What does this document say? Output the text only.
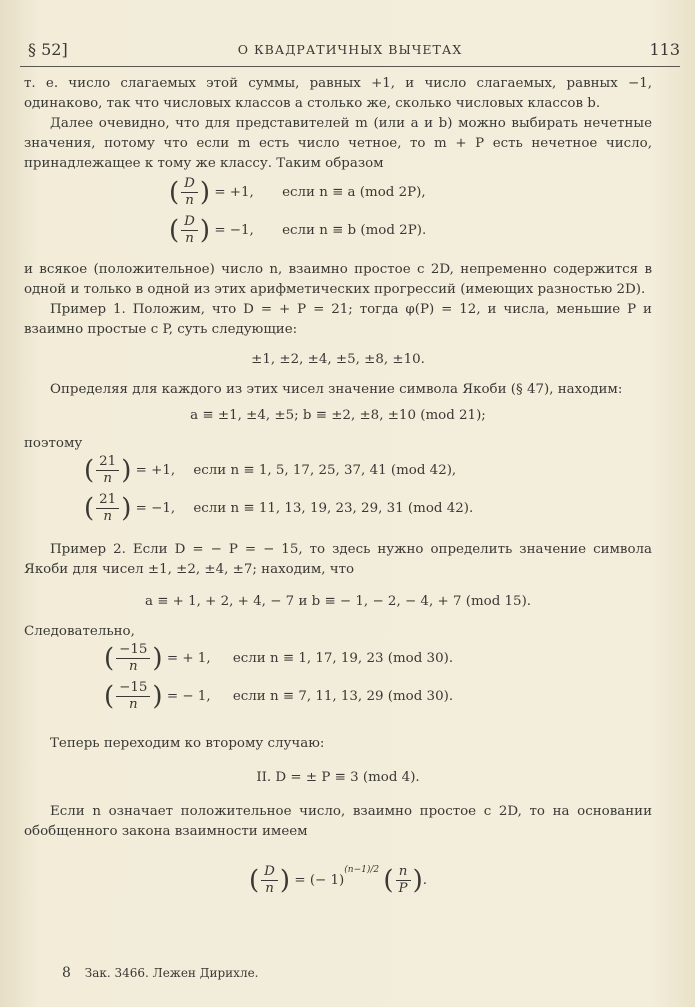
§ 52]	О КВАДРАТИЧНЫХ ВЫЧЕТАХ	113

т. е. число слагаемых этой суммы, равных +1, и число слагаемых, равных −1, одинаково, так что числовых классов a столько же, сколько числовых классов b.

Далее очевидно, что для представителей m (или a и b) можно выбирать нечетные значения, потому что если m есть число четное, то m + P есть нечетное число, принадлежащее к тому же классу. Таким образом

( $\frac{D}{n}$ ) = +1, если n ≡ a (mod 2P),
( $\frac{D}{n}$ ) = −1, если n ≡ b (mod 2P).

и всякое (положительное) число n, взаимно простое с 2D, непременно содержится в одной и только в одной из этих арифметических прогрессий (имеющих разностью 2D).

Пример 1. Положим, что D = + P = 21; тогда φ(P) = 12, и числа, меньшие P и взаимно простые с P, суть следующие:

±1, ±2, ±4, ±5, ±8, ±10.

Определяя для каждого из этих чисел значение символа Якоби (§ 47), находим:

a ≡ ±1, ±4, ±5; b ≡ ±2, ±8, ±10 (mod 21);

поэтому

( $\frac{21}{n}$ ) = +1, если n ≡ 1, 5, 17, 25, 37, 41 (mod 42),
( $\frac{21}{n}$ ) = −1, если n ≡ 11, 13, 19, 23, 29, 31 (mod 42).

Пример 2. Если D = − P = − 15, то здесь нужно определить значение символа Якоби для чисел ±1, ±2, ±4, ±7; находим, что

a ≡ + 1, + 2, + 4, − 7 и b ≡ − 1, − 2, − 4, + 7 (mod 15).

Следовательно,

( $\frac{-15}{n}$ ) = + 1, если n ≡ 1, 17, 19, 23 (mod 30).
( $\frac{-15}{n}$ ) = − 1, если n ≡ 7, 11, 13, 29 (mod 30).

Теперь переходим ко второму случаю:

II. D = ± P ≡ 3 (mod 4).

Если n означает положительное число, взаимно простое с 2D, то на основании обобщенного закона взаимности имеем

( $\frac{D}{n}$ ) = (− 1)$^{(n-1)/2}$ ( $\frac{n}{P}$ ).
8 Зак. 3466. Лежен Дирихле.
